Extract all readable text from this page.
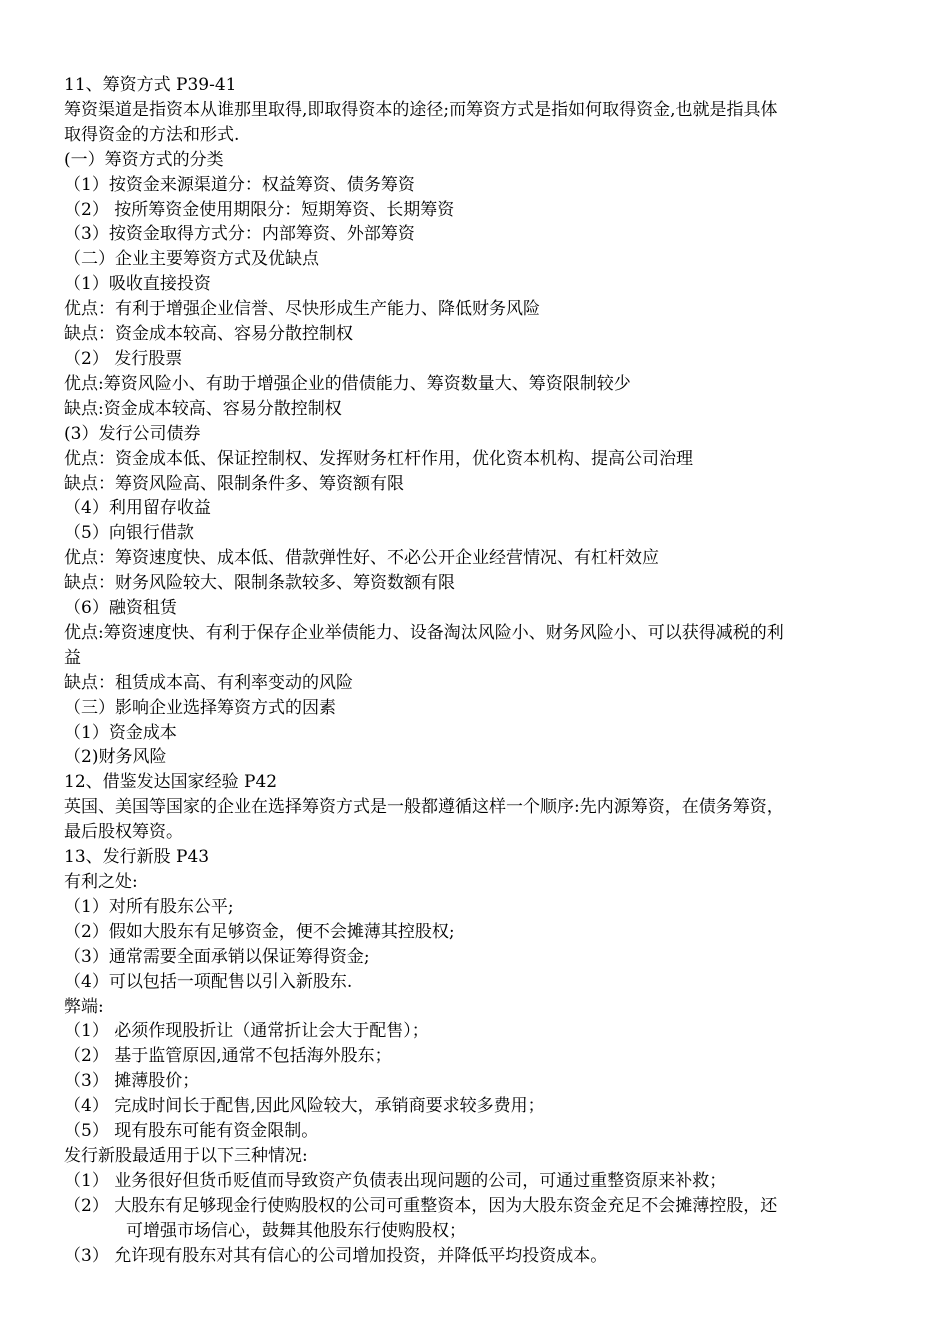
11、筹资方式 P39-41
筹资渠道是指资本从谁那里取得,即取得资本的途径;而筹资方式是指如何取得资金,也就是指具体
取得资金的方法和形式.
(一）筹资方式的分类
（1）按资金来源渠道分：权益筹资、债务筹资
（2） 按所筹资金使用期限分：短期筹资、长期筹资
（3）按资金取得方式分：内部筹资、外部筹资
（二）企业主要筹资方式及优缺点
（1）吸收直接投资
优点：有利于增强企业信誉、尽快形成生产能力、降低财务风险
缺点：资金成本较高、容易分散控制权
（2） 发行股票
优点:筹资风险小、有助于增强企业的借债能力、筹资数量大、筹资限制较少
缺点:资金成本较高、容易分散控制权
(3）发行公司债券
优点：资金成本低、保证控制权、发挥财务杠杆作用，优化资本机构、提高公司治理
缺点：筹资风险高、限制条件多、筹资额有限
（4）利用留存收益
（5）向银行借款
优点：筹资速度快、成本低、借款弹性好、不必公开企业经营情况、有杠杆效应
缺点：财务风险较大、限制条款较多、筹资数额有限
（6）融资租赁
优点:筹资速度快、有利于保存企业举债能力、设备淘汰风险小、财务风险小、可以获得减税的利
益
缺点：租赁成本高、有利率变动的风险
（三）影响企业选择筹资方式的因素
（1）资金成本
（2)财务风险
12、借鉴发达国家经验 P42
英国、美国等国家的企业在选择筹资方式是一般都遵循这样一个顺序:先内源筹资，在债务筹资，
最后股权筹资。
13、发行新股 P43
有利之处:
（1）对所有股东公平;
（2）假如大股东有足够资金，便不会摊薄其控股权;
（3）通常需要全面承销以保证筹得资金;
（4）可以包括一项配售以引入新股东.
弊端:
（1） 必须作现股折让（通常折让会大于配售）；
（2） 基于监管原因,通常不包括海外股东；
（3） 摊薄股价；
（4） 完成时间长于配售,因此风险较大，承销商要求较多费用；
（5） 现有股东可能有资金限制。
发行新股最适用于以下三种情况:
（1） 业务很好但货币贬值而导致资产负债表出现问题的公司，可通过重整资原来补救；
（2） 大股东有足够现金行使购股权的公司可重整资本，因为大股东资金充足不会摊薄控股，还
可增强市场信心，鼓舞其他股东行使购股权；
（3） 允许现有股东对其有信心的公司增加投资，并降低平均投资成本。
